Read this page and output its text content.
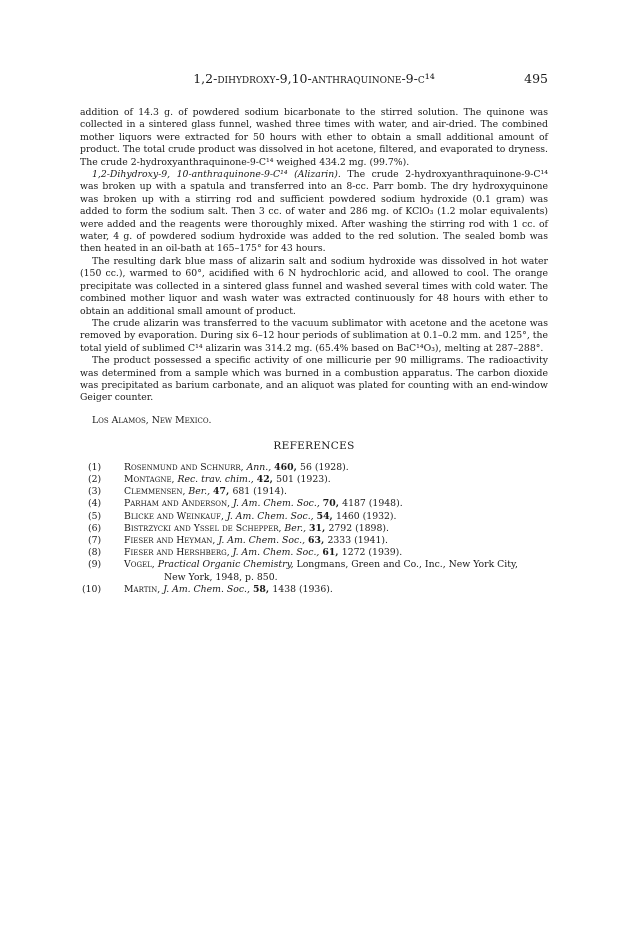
1,2-dihydroxy-9,10-anthraquinone-9-c¹⁴	495

addition of 14.3 g. of powdered sodium bicarbonate to the stirred solution. The quinone was collected in a sintered glass funnel, washed three times with water, and air-dried. The combined mother liquors were extracted for 50 hours with ether to obtain a small additional amount of product. The total crude product was dissolved in hot acetone, filtered, and evaporated to dryness. The crude 2-hydroxyanthraquinone-9-C¹⁴ weighed 434.2 mg. (99.7%).

1,2-Dihydroxy-9, 10-anthraquinone-9-C¹⁴ (Alizarin). The crude 2-hydroxyanthraquinone-9-C¹⁴ was broken up with a spatula and transferred into an 8-cc. Parr bomb. The dry hydroxyquinone was broken up with a stirring rod and sufficient powdered sodium hydroxide (0.1 gram) was added to form the sodium salt. Then 3 cc. of water and 286 mg. of KClO₃ (1.2 molar equivalents) were added and the reagents were thoroughly mixed. After washing the stirring rod with 1 cc. of water, 4 g. of powdered sodium hydroxide was added to the red solution. The sealed bomb was then heated in an oil-bath at 165–175° for 43 hours.

The resulting dark blue mass of alizarin salt and sodium hydroxide was dissolved in hot water (150 cc.), warmed to 60°, acidified with 6 N hydrochloric acid, and allowed to cool. The orange precipitate was collected in a sintered glass funnel and washed several times with cold water. The combined mother liquor and wash water was extracted continuously for 48 hours with ether to obtain an additional small amount of product.

The crude alizarin was transferred to the vacuum sublimator with acetone and the acetone was removed by evaporation. During six 6–12 hour periods of sublimation at 0.1–0.2 mm. and 125°, the total yield of sublimed C¹⁴ alizarin was 314.2 mg. (65.4% based on BaC¹⁴O₃), melting at 287–288°.

The product possessed a specific activity of one millicurie per 90 milligrams. The radioactivity was determined from a sample which was burned in a combustion apparatus. The carbon dioxide was precipitated as barium carbonate, and an aliquot was plated for counting with an end-window Geiger counter.

Los Alamos, New Mexico.
REFERENCES
(1) Rosenmund and Schnurr, Ann., 460, 56 (1928).
(2) Montagne, Rec. trav. chim., 42, 501 (1923).
(3) Clemmensen, Ber., 47, 681 (1914).
(4) Parham and Anderson, J. Am. Chem. Soc., 70, 4187 (1948).
(5) Blicke and Weinkauf, J. Am. Chem. Soc., 54, 1460 (1932).
(6) Bistrzycki and Yssel de Schepper, Ber., 31, 2792 (1898).
(7) Fieser and Heyman, J. Am. Chem. Soc., 63, 2333 (1941).
(8) Fieser and Hershberg, J. Am. Chem. Soc., 61, 1272 (1939).
(9) Vogel, Practical Organic Chemistry, Longmans, Green and Co., Inc., New York City,
New York, 1948, p. 850.
(10) Martin, J. Am. Chem. Soc., 58, 1438 (1936).
